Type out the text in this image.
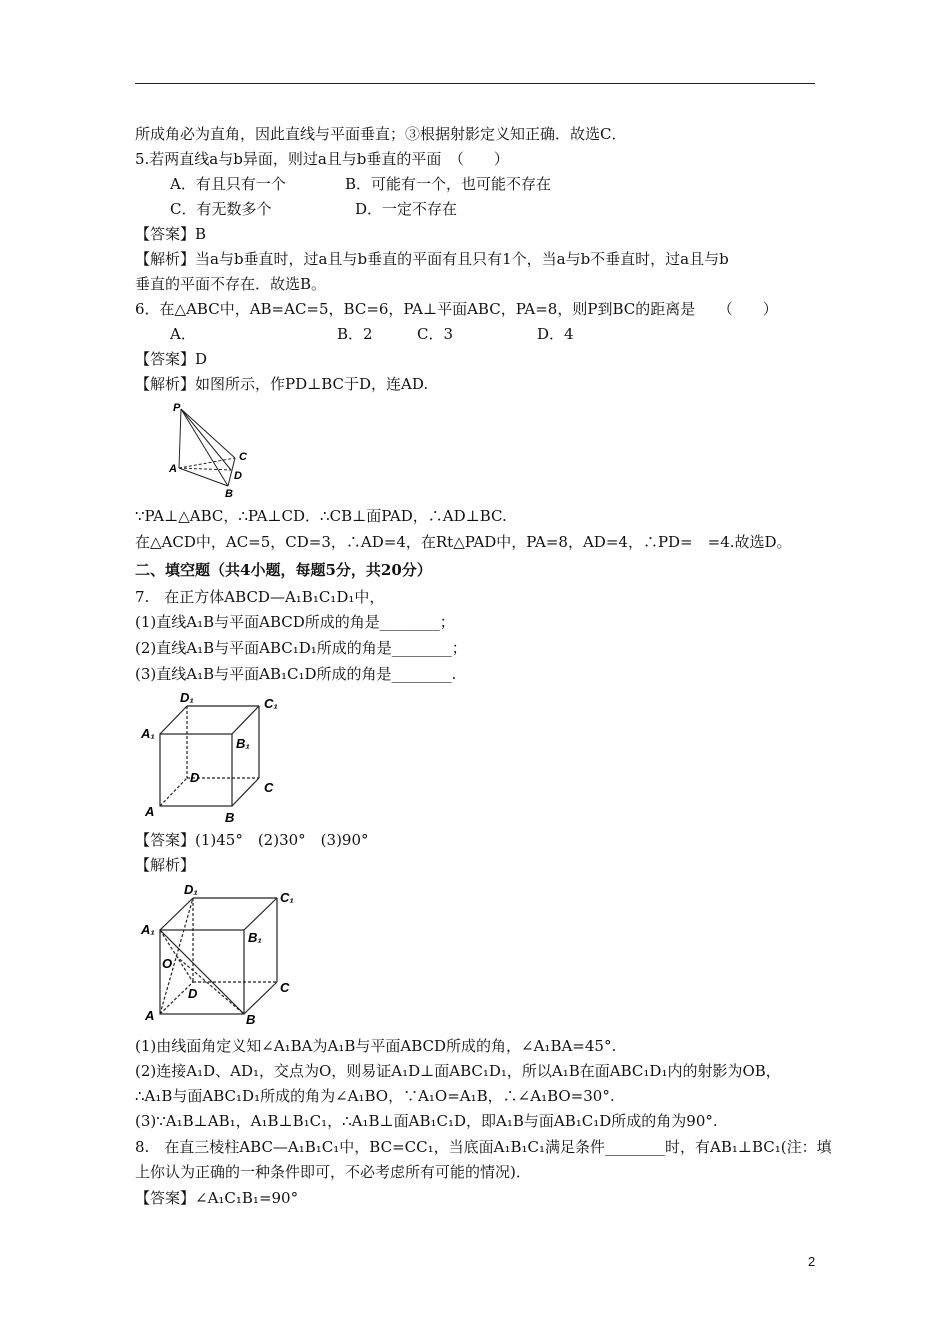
所成角必为直角，因此直线与平面垂直；③根据射影定义知正确．故选C．
5.若两直线a与b异面，则过a且与b垂直的平面　（　　）
A．有且只有一个	B．可能有一个，也可能不存在
C．有无数多个	D．一定不存在
【答案】B
【解析】当a与b垂直时，过a且与b垂直的平面有且只有1个，当a与b不垂直时，过a且与b
垂直的平面不存在．故选B。
6．在△ABC中，AB=AC=5，BC=6，PA⊥平面ABC，PA=8，则P到BC的距离是　　（　　）
A．	B．2	C．3	D．4
【答案】D
【解析】如图所示，作PD⊥BC于D，连AD.
P
A
C
D
B
∵PA⊥△ABC，∴PA⊥CD．∴CB⊥面PAD，∴AD⊥BC.
在△ACD中，AC=5，CD=3，∴AD=4，在Rt△PAD中，PA=8，AD=4，∴PD=　=4.故选D。
二、填空题（共4小题，每题5分，共20分）
7.　在正方体ABCD—A₁B₁C₁D₁中，
(1)直线A₁B与平面ABCD所成的角是________；
(2)直线A₁B与平面ABC₁D₁所成的角是________；
(3)直线A₁B与平面AB₁C₁D所成的角是________.
D₁	C₁
A₁
B₁
D
C
A	B
【答案】(1)45°　(2)30°　(3)90°
【解析】
D₁
C₁
A₁
B₁
O
D	C
A	B
(1)由线面角定义知∠A₁BA为A₁B与平面ABCD所成的角，∠A₁BA=45°.
(2)连接A₁D、AD₁，交点为O，则易证A₁D⊥面ABC₁D₁，所以A₁B在面ABC₁D₁内的射影为OB，
∴A₁B与面ABC₁D₁所成的角为∠A₁BO，∵A₁O=A₁B，∴∠A₁BO=30°.
(3)∵A₁B⊥AB₁，A₁B⊥B₁C₁，∴A₁B⊥面AB₁C₁D，即A₁B与面AB₁C₁D所成的角为90°.
8.　在直三棱柱ABC—A₁B₁C₁中，BC=CC₁，当底面A₁B₁C₁满足条件________时，有AB₁⊥BC₁(注：填
上你认为正确的一种条件即可，不必考虑所有可能的情况)．
【答案】∠A₁C₁B₁=90°
2
